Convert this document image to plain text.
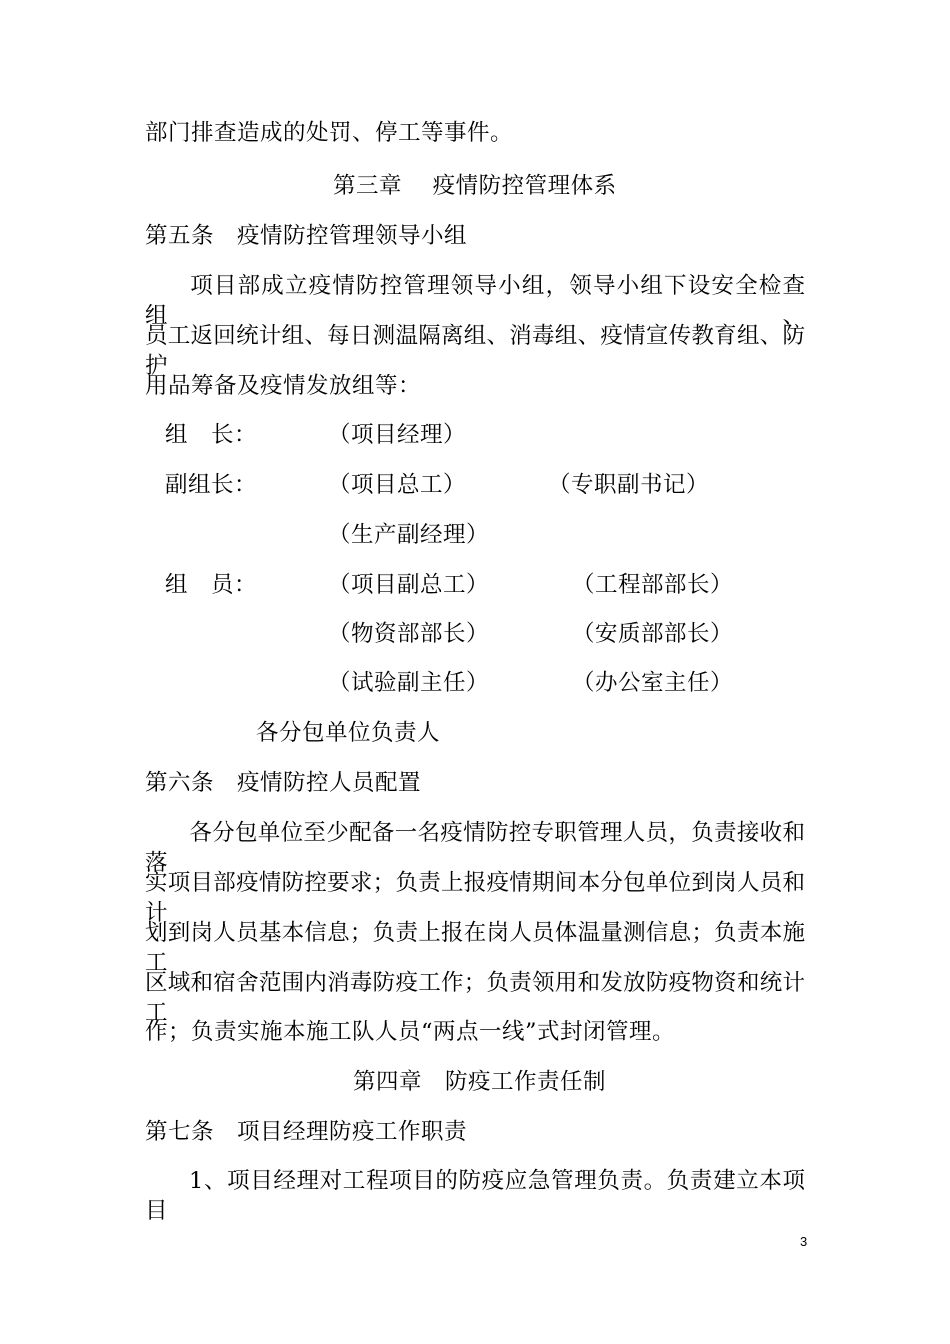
部门排查造成的处罚、停工等事件。
第三章　 疫情防控管理体系
第五条　疫情防控管理领导小组
项目部成立疫情防控管理领导小组，领导小组下设安全检查组、
员工返回统计组、每日测温隔离组、消毒组、疫情宣传教育组、防护
用品筹备及疫情发放组等：
组　长：	（项目经理）
副组长：	（项目总工）	（专职副书记）
（生产副经理）
组　员：	（项目副总工）	（工程部部长）
（物资部部长）	（安质部部长）
（试验副主任）	（办公室主任）
各分包单位负责人
第六条　疫情防控人员配置
各分包单位至少配备一名疫情防控专职管理人员，负责接收和落
实项目部疫情防控要求；负责上报疫情期间本分包单位到岗人员和计
划到岗人员基本信息；负责上报在岗人员体温量测信息；负责本施工
区域和宿舍范围内消毒防疫工作；负责领用和发放防疫物资和统计工
作；负责实施本施工队人员“两点一线”式封闭管理。
第四章　防疫工作责任制
第七条　项目经理防疫工作职责
1、项目经理对工程项目的防疫应急管理负责。负责建立本项目
3
